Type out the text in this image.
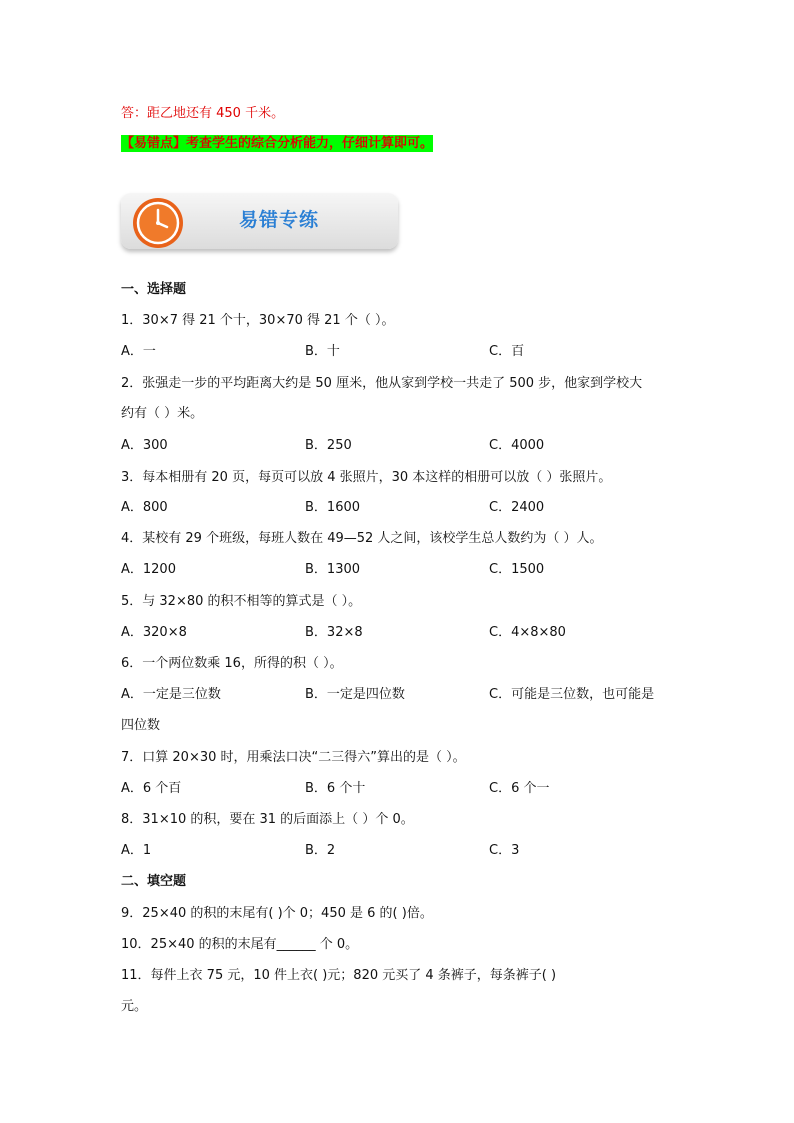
答：距乙地还有 450 千米。
【易错点】考查学生的综合分析能力，仔细计算即可。
易错专练
一、选择题
1．30×7 得 21 个十，30×70 得 21 个（ ）。
A．一	B．十	C．百
2．张强走一步的平均距离大约是 50 厘米，他从家到学校一共走了 500 步，他家到学校大
约有（ ）米。
A．300	B．250	C．4000
3．每本相册有 20 页，每页可以放 4 张照片，30 本这样的相册可以放（ ）张照片。
A．800	B．1600	C．2400
4．某校有 29 个班级，每班人数在 49—52 人之间，该校学生总人数约为（ ）人。
A．1200	B．1300	C．1500
5．与 32×80 的积不相等的算式是（ ）。
A．320×8	B．32×8	C．4×8×80
6．一个两位数乘 16，所得的积（ ）。
A．一定是三位数	B．一定是四位数	C．可能是三位数，也可能是
四位数
7．口算 20×30 时，用乘法口决“二三得六”算出的是（ ）。
A．6 个百	B．6 个十	C．6 个一
8．31×10 的积，要在 31 的后面添上（ ）个 0。
A．1	B．2	C．3
二、填空题
9．25×40 的积的末尾有( )个 0；450 是 6 的( )倍。
10．25×40 的积的末尾有______ 个 0。
11．每件上衣 75 元，10 件上衣( )元；820 元买了 4 条裤子，每条裤子( )
元。
